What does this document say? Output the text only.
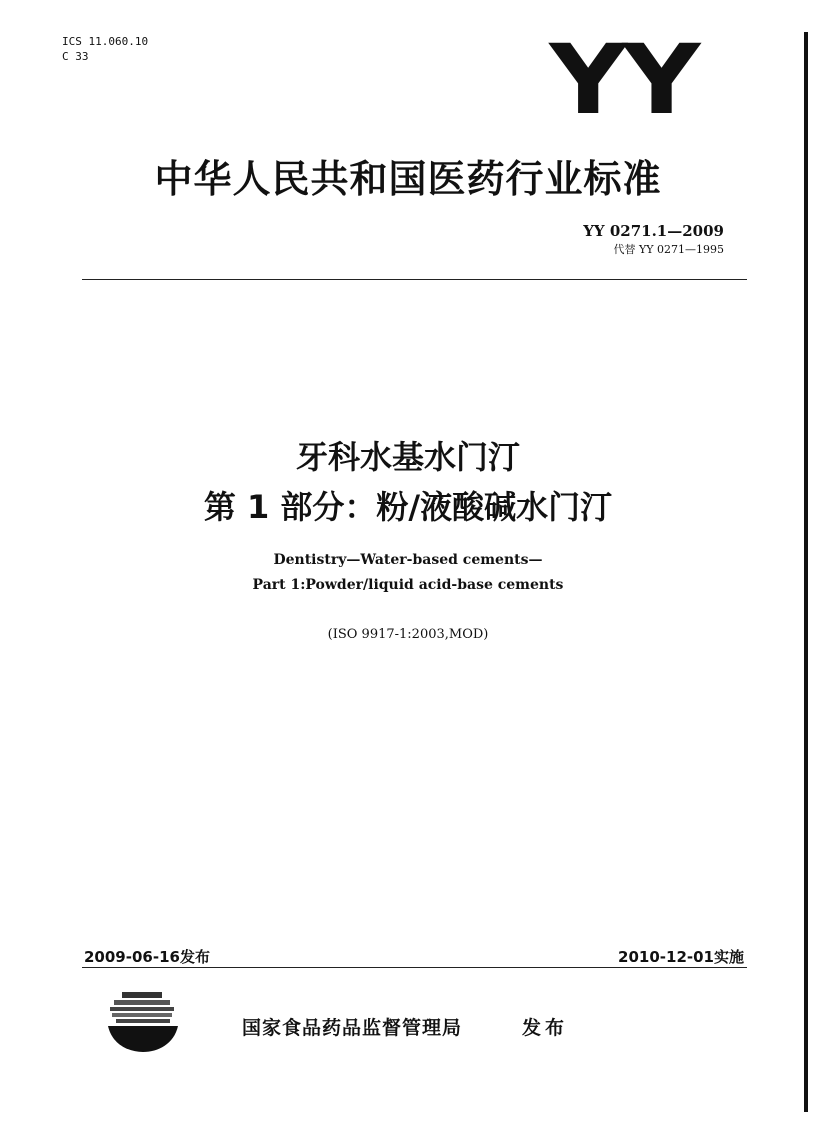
ICS 11.060.10
C 33	YY
中华人民共和国医药行业标准
YY 0271.1—2009
代替 YY 0271—1995
牙科水基水门汀
第 1 部分：粉/液酸碱水门汀
Dentistry—Water-based cements—
Part 1:Powder/liquid acid-base cements
(ISO 9917-1:2003,MOD)
2009-06-16发布	2010-12-01实施
国家食品药品监督管理局	发布
